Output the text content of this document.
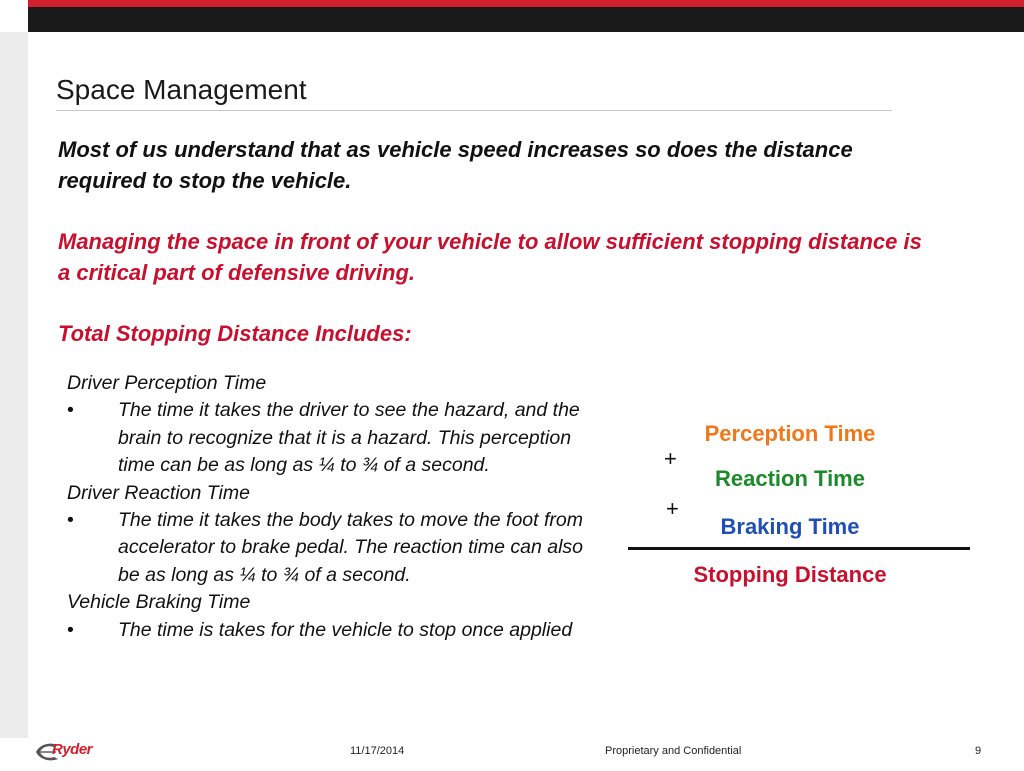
Space Management

Most of us understand that as vehicle speed increases so does the distance required to stop the vehicle.

Managing the space in front of your vehicle to allow sufficient stopping distance is a critical part of defensive driving.

Total Stopping Distance Includes:

Driver Perception Time

• The time it takes the driver to see the hazard, and the brain to recognize that it is a hazard. This perception time can be as long as ¼ to ¾ of a second.

Driver Reaction Time

• The time it takes the body takes to move the foot from accelerator to brake pedal. The reaction time can also be as long as ¼ to ¾ of a second.

Vehicle Braking Time

• The time is takes for the vehicle to stop once applied

Perception Time
+
Reaction Time
+
Braking Time
Stopping Distance
Ryder	11/17/2014	Proprietary and Confidential	9
